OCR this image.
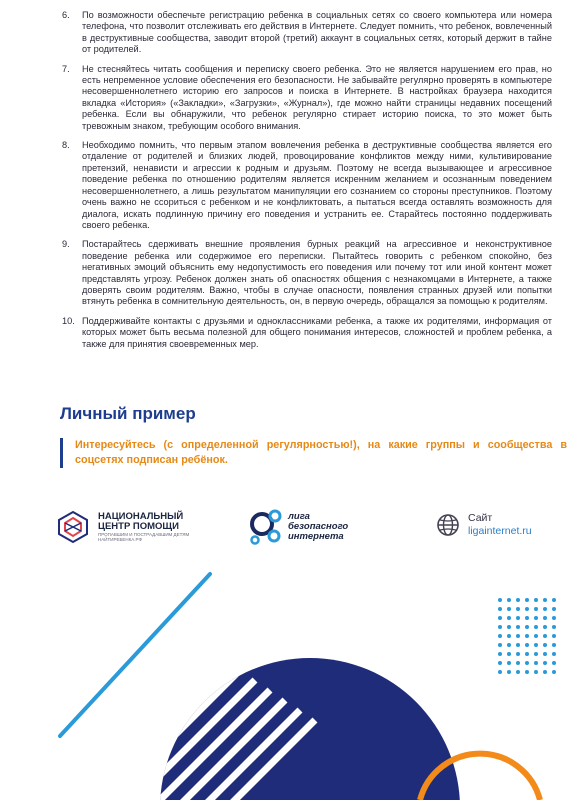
6.	По возможности обеспечьте регистрацию ребенка в социальных сетях со своего компьютера или номера телефона, что позволит отслеживать его действия в Интернете. Следует помнить, что ребенок, вовлеченный в деструктивные сообщества, заводит второй (третий) аккаунт в социальных сетях, который держит в тайне от родителей.
7.	Не стесняйтесь читать сообщения и переписку своего ребенка. Это не является нарушением его прав, но есть непременное условие обеспечения его безопасности. Не забывайте регулярно проверять в компьютере несовершеннолетнего историю его запросов и поиска в Интернете. В настройках браузера находится вкладка «История» («Закладки», «Загрузки», «Журнал»), где можно найти страницы недавних посещений ребенка. Если вы обнаружили, что ребенок регулярно стирает историю поиска, то это может быть тревожным знаком, требующим особого внимания.
8.	Необходимо помнить, что первым этапом вовлечения ребенка в деструктивные сообщества является его отдаление от родителей и близких людей, провоцирование конфликтов между ними, культивирование претензий, ненависти и агрессии к родным и друзьям. Поэтому не всегда вызывающее и агрессивное поведение ребенка по отношению родителям является искренним желанием и осознанным поведением несовершеннолетнего, а лишь результатом манипуляции его сознанием со стороны преступников. Поэтому очень важно не ссориться с ребенком и не конфликтовать, а пытаться всегда оставлять возможность для диалога, искать подлинную причину его поведения и устранить ее. Старайтесь постоянно поддерживать своего ребенка.
9.	Постарайтесь сдерживать внешние проявления бурных реакций на агрессивное и неконструктивное поведение ребенка или содержимое его переписки. Пытайтесь говорить с ребенком спокойно, без негативных эмоций объяснить ему недопустимость его поведения или почему тот или иной контент может представлять угрозу. Ребенок должен знать об опасностях общения с незнакомцами в Интернете, а также доверять своим родителям. Важно, чтобы в случае опасности, появления странных друзей или попытки втянуть ребенка в сомнительную деятельность, он, в первую очередь, обращался за помощью к родителям.
10. Поддерживайте контакты с друзьями и одноклассниками ребенка, а также их родителями, информация от которых может быть весьма полезной для общего понимания интересов, сложностей и проблем ребенка, а также для принятия своевременных мер.
Личный пример
Интересуйтесь (с определенной регулярностью!), на какие группы и сообщества в соцсетях подписан ребёнок.
НАЦИОНАЛЬНЫЙ
ЦЕНТР ПОМОЩИ
ПРОПАВШИМ И ПОСТРАДАВШИМ ДЕТЯМ
НАЙТИРЕБЕНКА.РФ
лига
безопасного
интернета
Сайт
ligainternet.ru
